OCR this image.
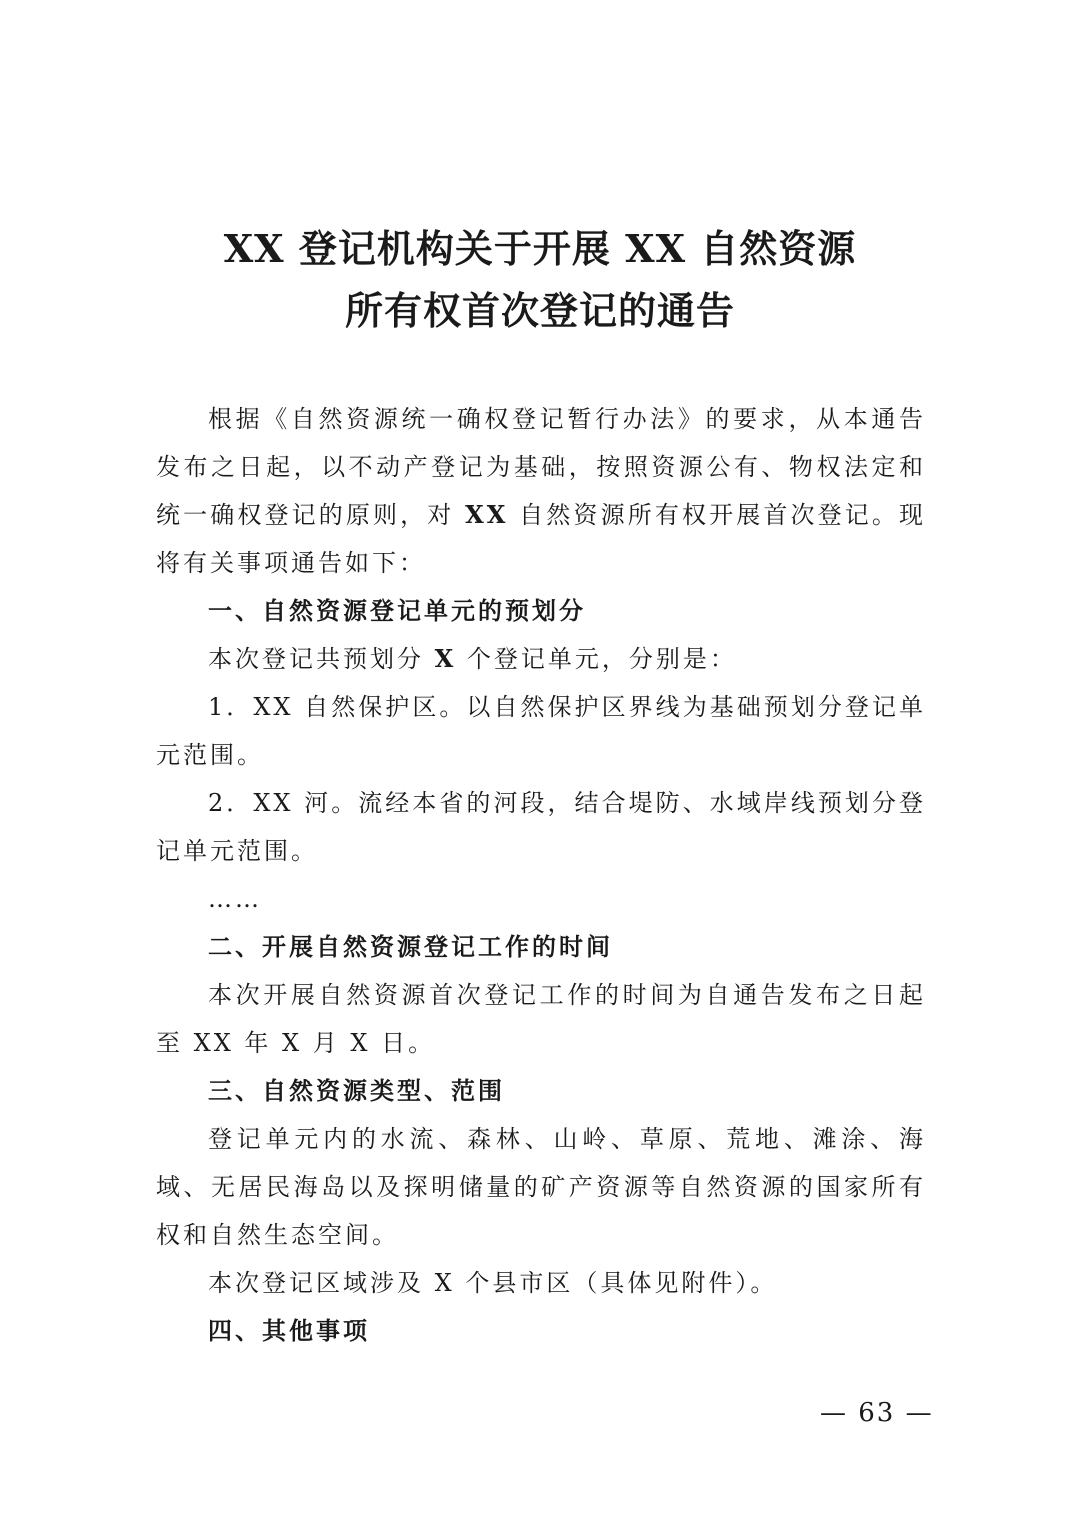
XX 登记机构关于开展 XX 自然资源
所有权首次登记的通告

根据《自然资源统一确权登记暂行办法》的要求，从本通告发布之日起，以不动产登记为基础，按照资源公有、物权法定和统一确权登记的原则，对 XX 自然资源所有权开展首次登记。现将有关事项通告如下：

一、自然资源登记单元的预划分

本次登记共预划分 X 个登记单元，分别是：

1．XX 自然保护区。以自然保护区界线为基础预划分登记单元范围。

2．XX 河。流经本省的河段，结合堤防、水域岸线预划分登记单元范围。

……

二、开展自然资源登记工作的时间

本次开展自然资源首次登记工作的时间为自通告发布之日起至 XX 年 X 月 X 日。

三、自然资源类型、范围

登记单元内的水流、森林、山岭、草原、荒地、滩涂、海域、无居民海岛以及探明储量的矿产资源等自然资源的国家所有权和自然生态空间。

本次登记区域涉及 X 个县市区（具体见附件）。

四、其他事项

— 63 —
